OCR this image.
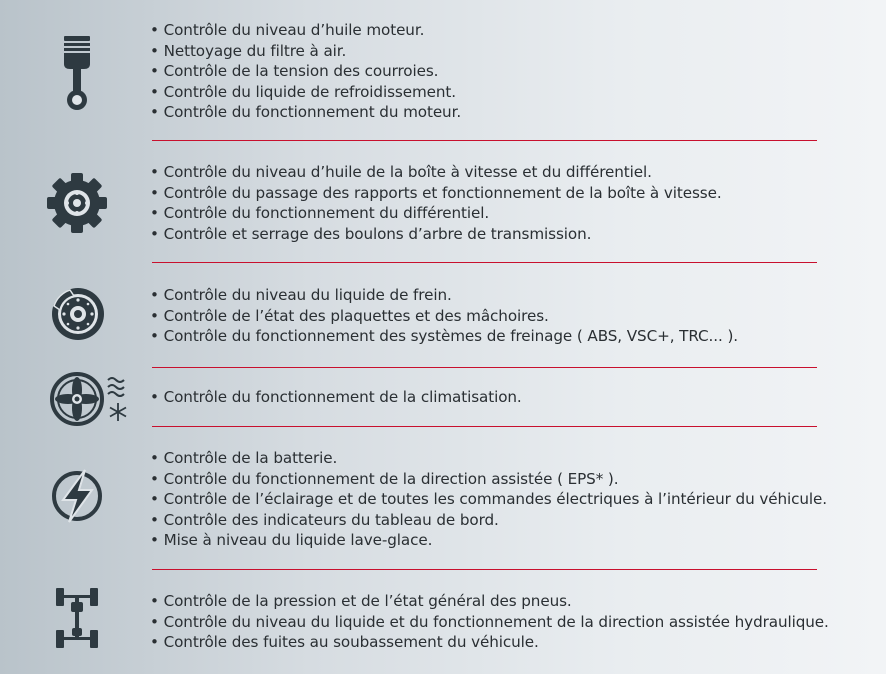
• Contrôle du niveau d’huile moteur.
• Nettoyage du filtre à air.
• Contrôle de la tension des courroies.
• Contrôle du liquide de refroidissement.
• Contrôle du fonctionnement du moteur.
• Contrôle du niveau d’huile de la boîte à vitesse et du différentiel.
• Contrôle du passage des rapports et fonctionnement de la boîte à vitesse.
• Contrôle du fonctionnement du différentiel.
• Contrôle et serrage des boulons d’arbre de transmission.
• Contrôle du niveau du liquide de frein.
• Contrôle de l’état des plaquettes et des mâchoires.
• Contrôle du fonctionnement des systèmes de freinage ( ABS, VSC+, TRC... ).
• Contrôle du fonctionnement de la climatisation.
• Contrôle de la batterie.
• Contrôle du fonctionnement de la direction assistée ( EPS* ).
• Contrôle de l’éclairage et de toutes les commandes électriques à l’intérieur du véhicule.
• Contrôle des indicateurs du tableau de bord.
• Mise à niveau du liquide lave-glace.
• Contrôle de la pression et de l’état général des pneus.
• Contrôle du niveau du liquide et du fonctionnement de la direction assistée hydraulique.
• Contrôle des fuites au soubassement du véhicule.
